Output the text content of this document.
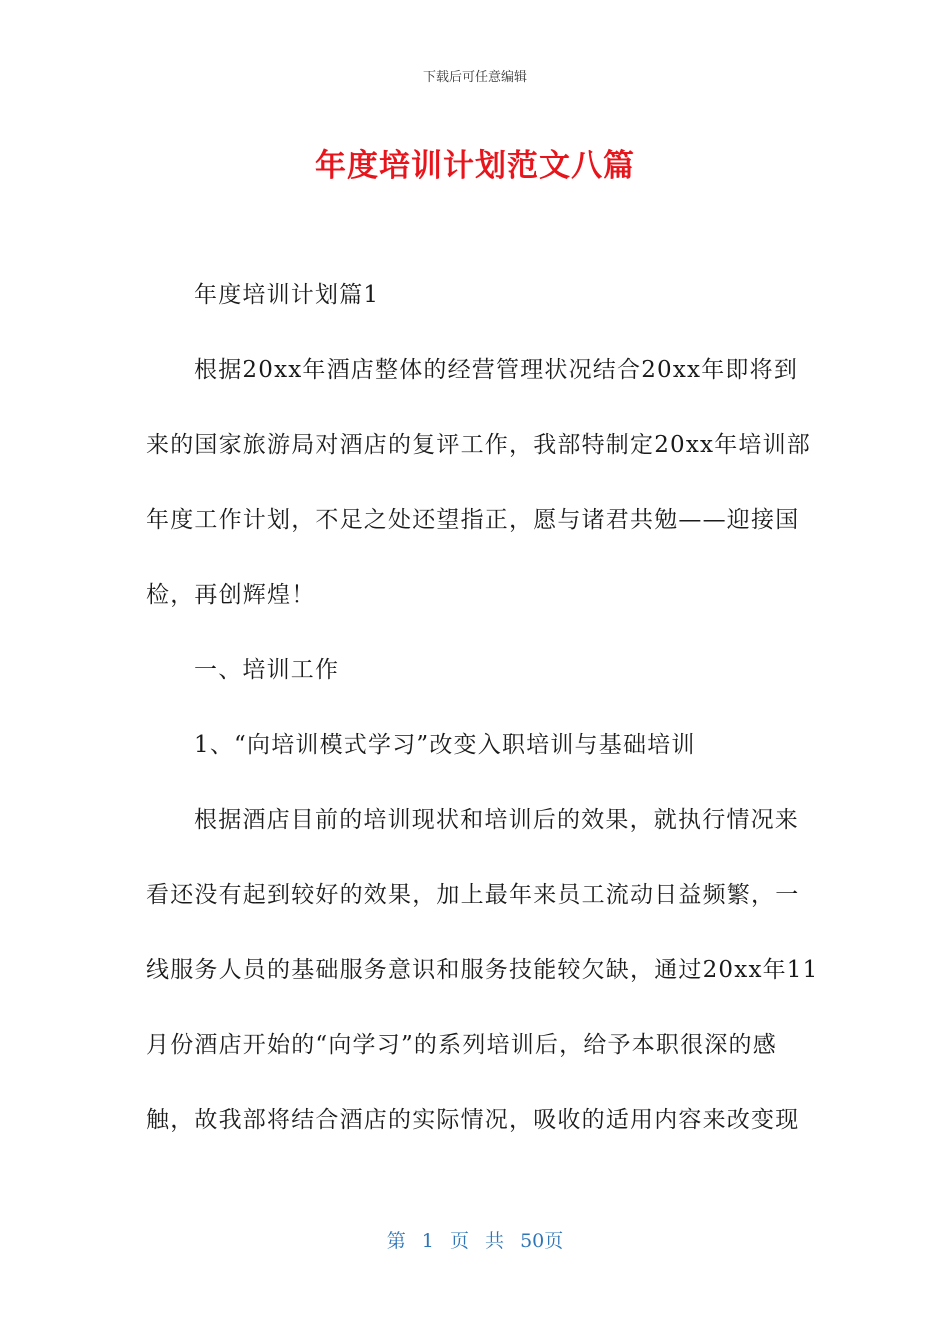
下载后可任意编辑
年度培训计划范文八篇
年度培训计划篇1
根据20xx年酒店整体的经营管理状况结合20xx年即将到
来的国家旅游局对酒店的复评工作，我部特制定20xx年培训部
年度工作计划，不足之处还望指正，愿与诸君共勉——迎接国
检，再创辉煌！
一、培训工作
1、“向培训模式学习”改变入职培训与基础培训
根据酒店目前的培训现状和培训后的效果，就执行情况来
看还没有起到较好的效果，加上最年来员工流动日益频繁，一
线服务人员的基础服务意识和服务技能较欠缺，通过20xx年11
月份酒店开始的“向学习”的系列培训后，给予本职很深的感
触，故我部将结合酒店的实际情况，吸收的适用内容来改变现
第 1 页 共 50页
